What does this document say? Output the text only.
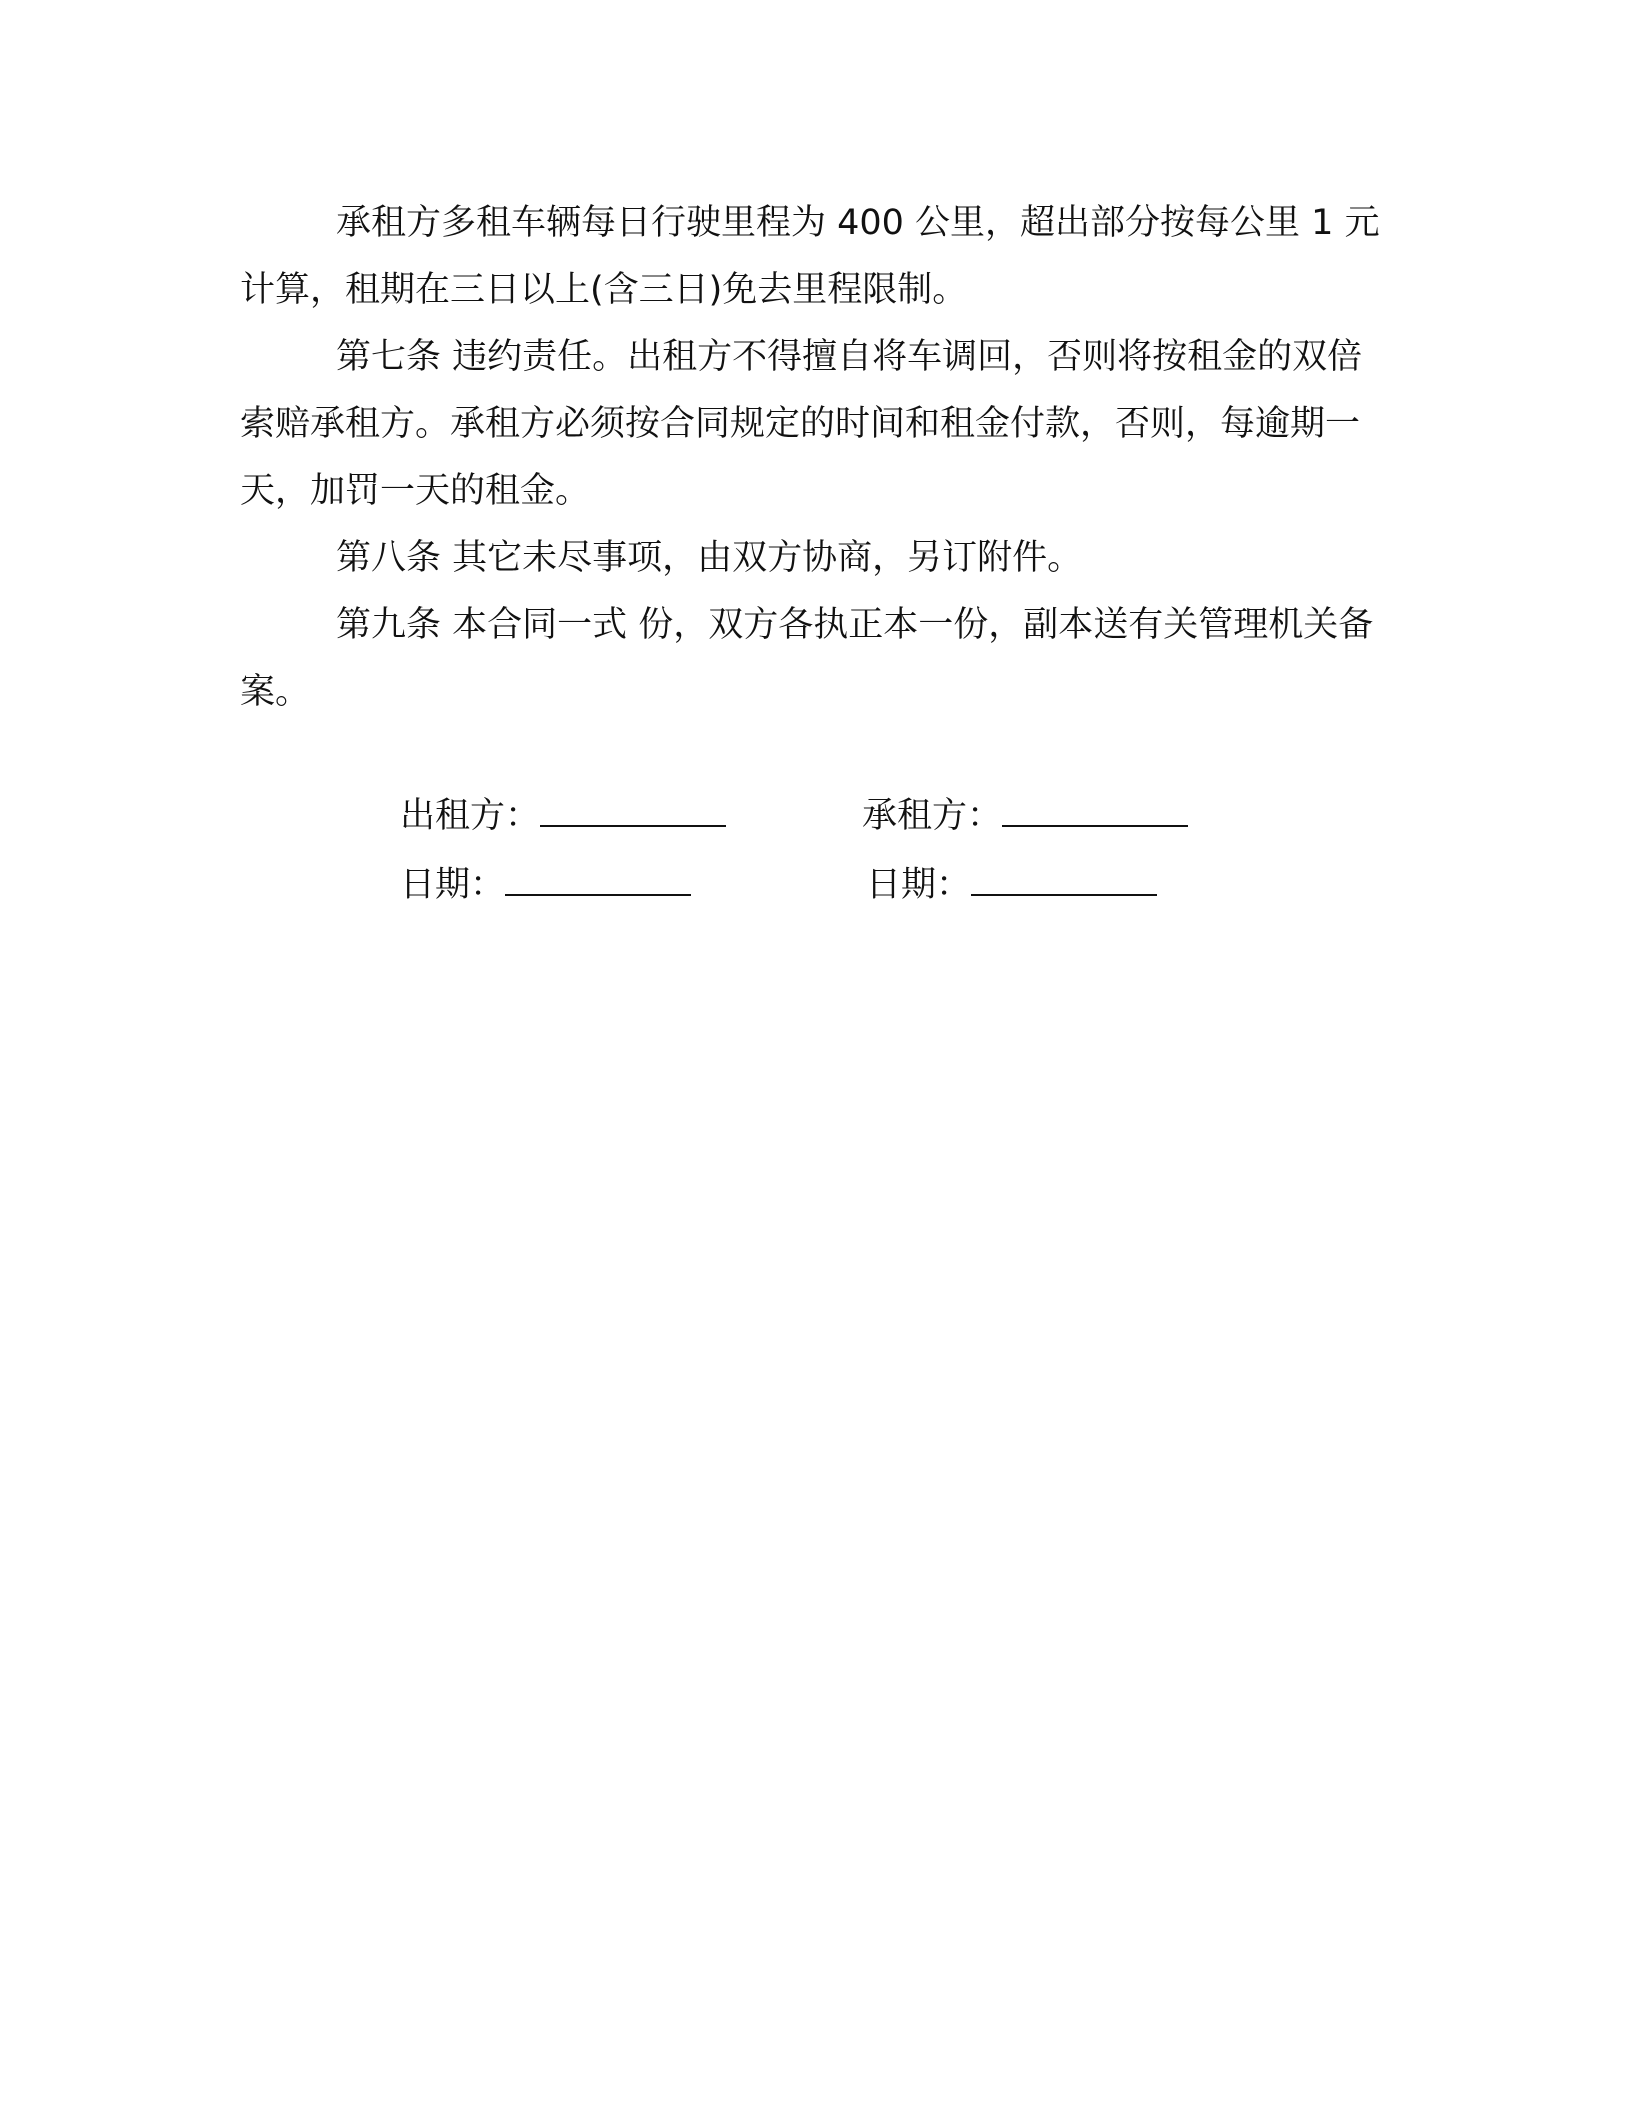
承租方多租车辆每日行驶里程为 400 公里，超出部分按每公里 1 元计算，租期在三日以上(含三日)免去里程限制。

第七条 违约责任。出租方不得擅自将车调回，否则将按租金的双倍索赔承租方。承租方必须按合同规定的时间和租金付款，否则，每逾期一天，加罚一天的租金。

第八条 其它未尽事项，由双方协商，另订附件。

第九条 本合同一式 份，双方各执正本一份，副本送有关管理机关备案。

出租方：	承租方：
日期：	日期：
